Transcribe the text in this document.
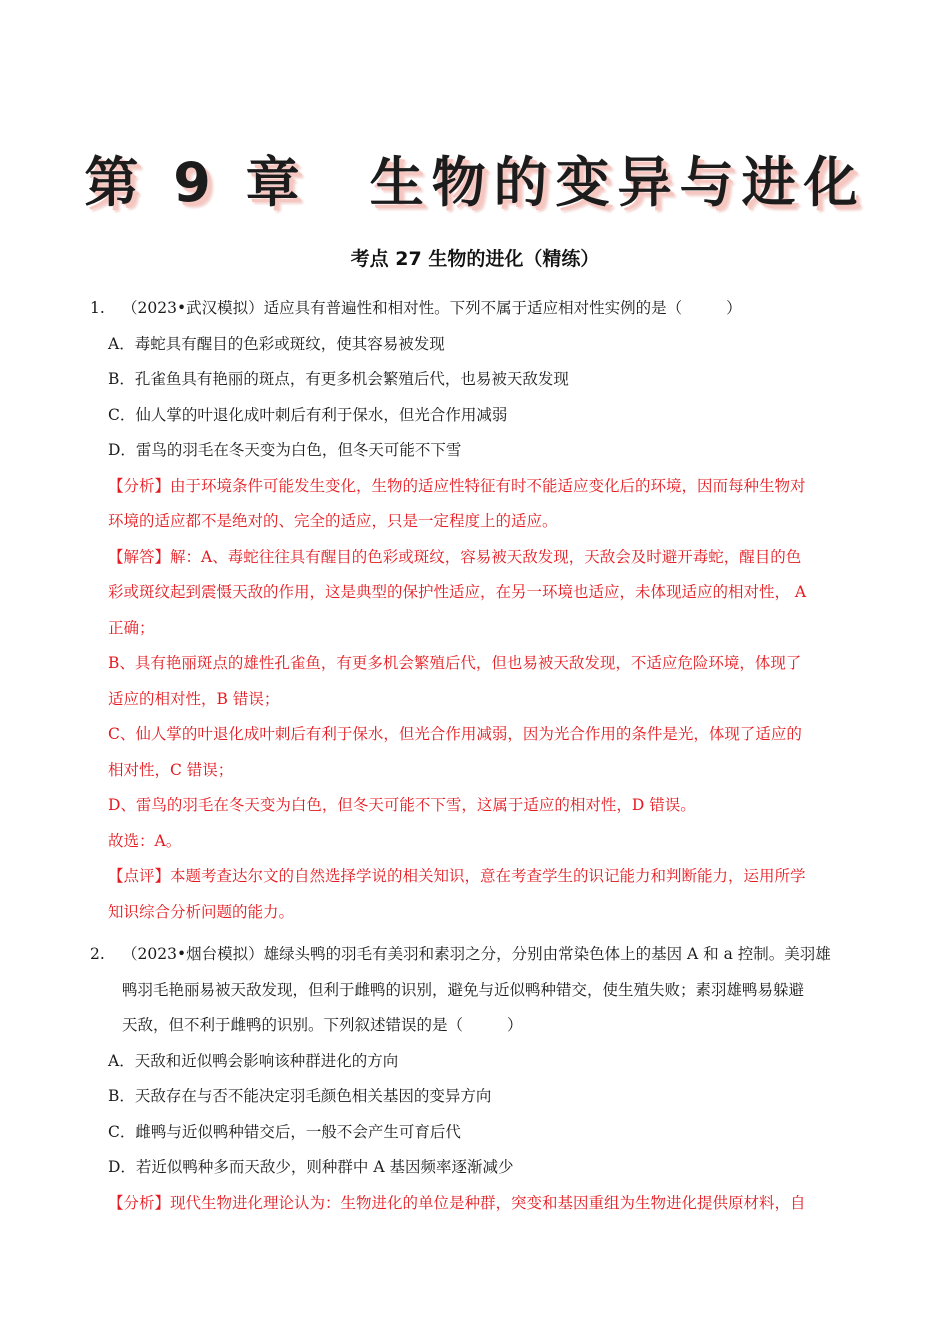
第 9 章　生物的变异与进化
考点 27 生物的进化（精练）
1. （2023•武汉模拟）适应具有普遍性和相对性。下列不属于适应相对性实例的是（	）
A．毒蛇具有醒目的色彩或斑纹，使其容易被发现
B．孔雀鱼具有艳丽的斑点，有更多机会繁殖后代，也易被天敌发现
C．仙人掌的叶退化成叶刺后有利于保水，但光合作用减弱
D．雷鸟的羽毛在冬天变为白色，但冬天可能不下雪
【分析】由于环境条件可能发生变化，生物的适应性特征有时不能适应变化后的环境，因而每种生物对
环境的适应都不是绝对的、完全的适应，只是一定程度上的适应。
【解答】解：A、毒蛇往往具有醒目的色彩或斑纹，容易被天敌发现，天敌会及时避开毒蛇，醒目的色
彩或斑纹起到震慑天敌的作用，这是典型的保护性适应，在另一环境也适应，未体现适应的相对性， A
正确；
B、具有艳丽斑点的雄性孔雀鱼，有更多机会繁殖后代，但也易被天敌发现，不适应危险环境，体现了
适应的相对性，B 错误；
C、仙人掌的叶退化成叶刺后有利于保水，但光合作用减弱，因为光合作用的条件是光，体现了适应的
相对性，C 错误；
D、雷鸟的羽毛在冬天变为白色，但冬天可能不下雪，这属于适应的相对性，D 错误。
故选：A。
【点评】本题考查达尔文的自然选择学说的相关知识，意在考查学生的识记能力和判断能力，运用所学
知识综合分析问题的能力。
2. （2023•烟台模拟）雄绿头鸭的羽毛有美羽和素羽之分，分别由常染色体上的基因 A 和 a 控制。美羽雄
鸭羽毛艳丽易被天敌发现，但利于雌鸭的识别，避免与近似鸭种错交，使生殖失败；素羽雄鸭易躲避
天敌，但不利于雌鸭的识别。下列叙述错误的是（	）
A．天敌和近似鸭会影响该种群进化的方向
B．天敌存在与否不能决定羽毛颜色相关基因的变异方向
C．雌鸭与近似鸭种错交后，一般不会产生可育后代
D．若近似鸭种多而天敌少，则种群中 A 基因频率逐渐减少
【分析】现代生物进化理论认为：生物进化的单位是种群，突变和基因重组为生物进化提供原材料，自
